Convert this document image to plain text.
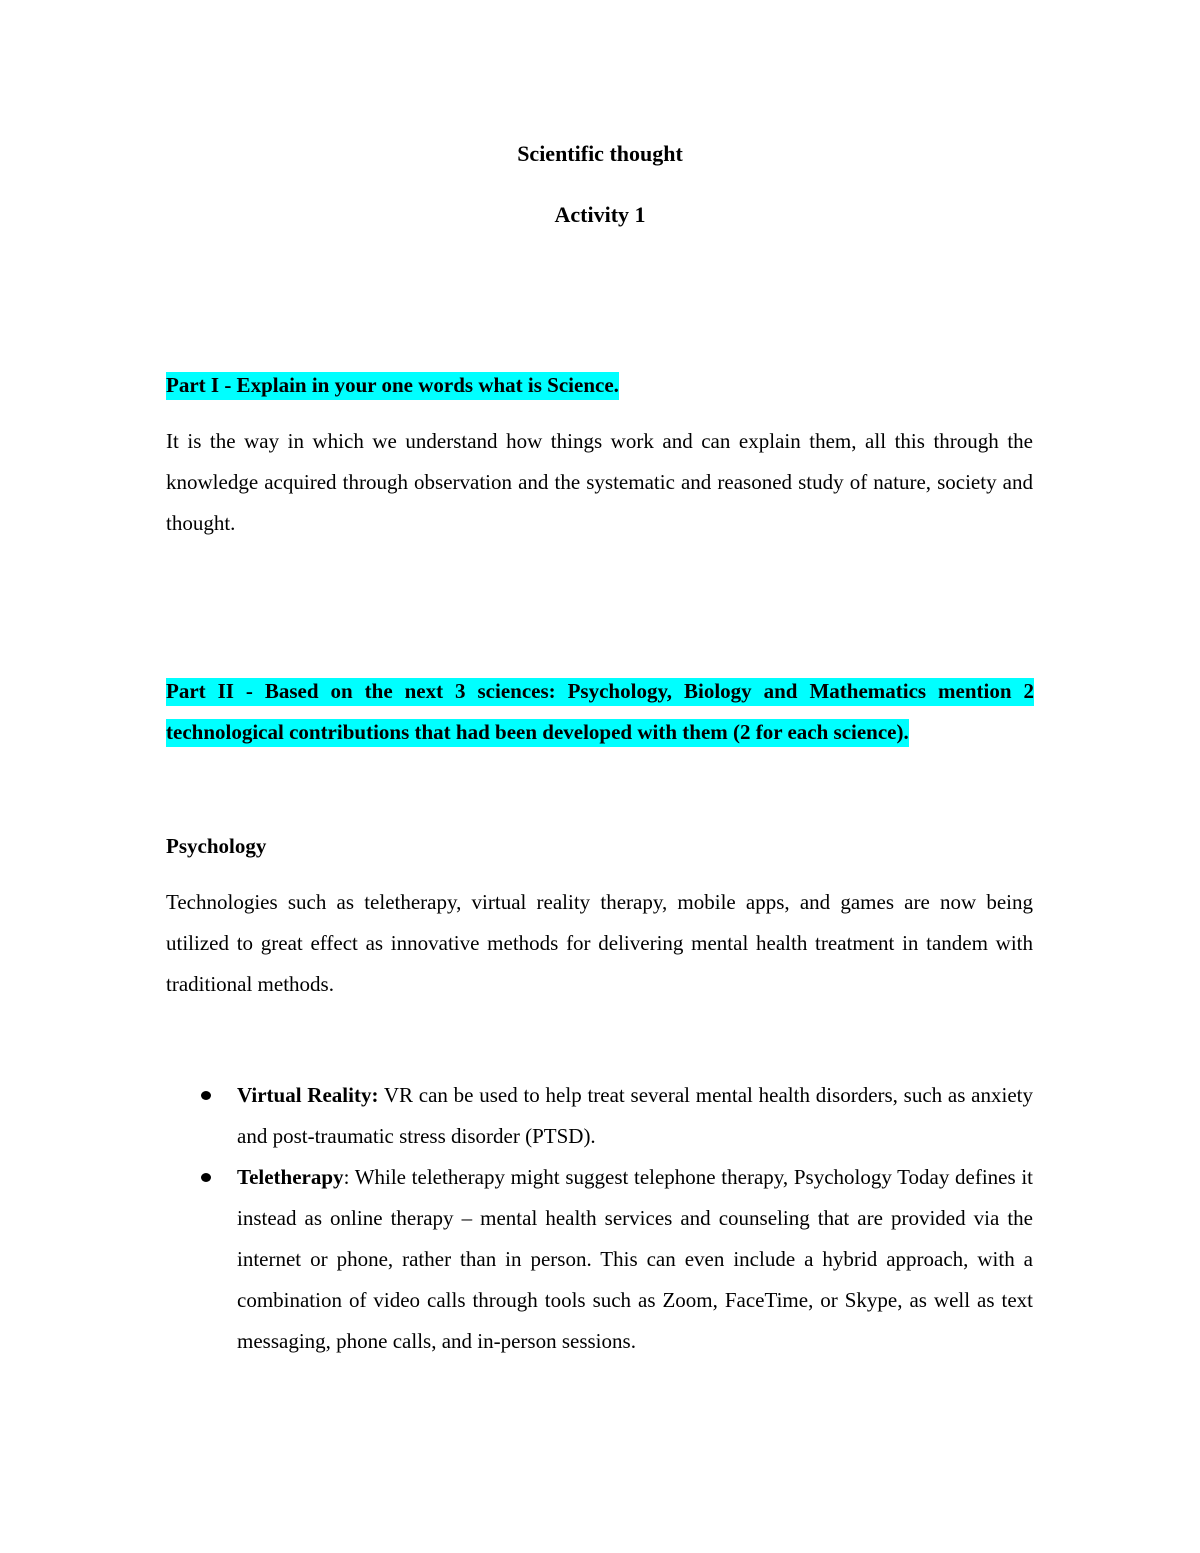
Scientific thought
Activity 1

Part I - Explain in your one words what is Science.

It is the way in which we understand how things work and can explain them, all this through the knowledge acquired through observation and the systematic and reasoned study of nature, society and thought.

Part II - Based on the next 3 sciences: Psychology, Biology and Mathematics mention 2 technological contributions that had been developed with them (2 for each science).

Psychology

Technologies such as teletherapy, virtual reality therapy, mobile apps, and games are now being utilized to great effect as innovative methods for delivering mental health treatment in tandem with traditional methods.

Virtual Reality: VR can be used to help treat several mental health disorders, such as anxiety and post-traumatic stress disorder (PTSD).
Teletherapy: While teletherapy might suggest telephone therapy, Psychology Today defines it instead as online therapy – mental health services and counseling that are provided via the internet or phone, rather than in person. This can even include a hybrid approach, with a combination of video calls through tools such as Zoom, FaceTime, or Skype, as well as text messaging, phone calls, and in-person sessions.
